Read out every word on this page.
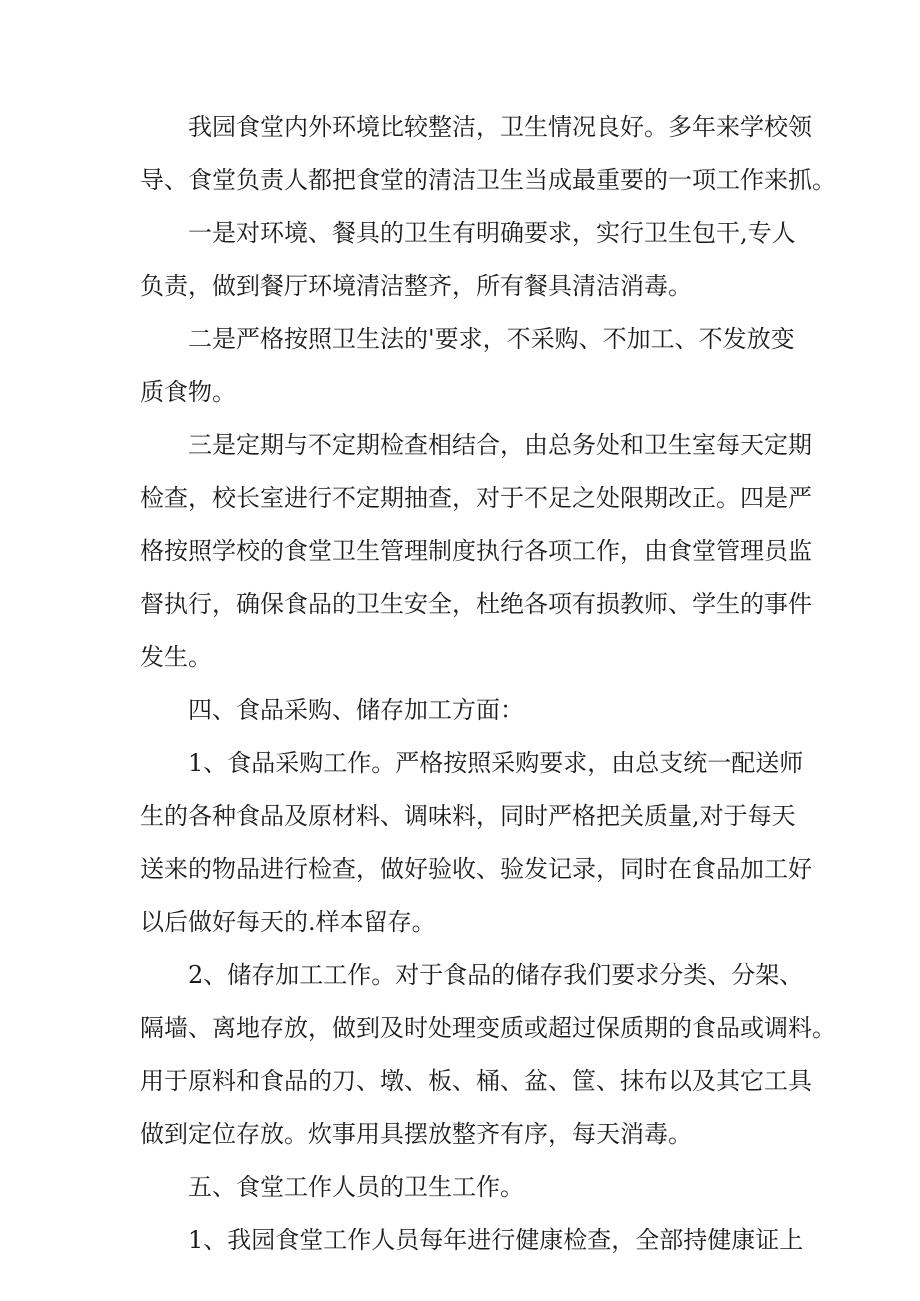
我园食堂内外环境比较整洁，卫生情况良好。多年来学校领
导、食堂负责人都把食堂的清洁卫生当成最重要的一项工作来抓。
一是对环境、餐具的卫生有明确要求，实行卫生包干,专人
负责，做到餐厅环境清洁整齐，所有餐具清洁消毒。
二是严格按照卫生法的'要求，不采购、不加工、不发放变
质食物。
三是定期与不定期检查相结合，由总务处和卫生室每天定期
检查，校长室进行不定期抽查，对于不足之处限期改正。四是严
格按照学校的食堂卫生管理制度执行各项工作，由食堂管理员监
督执行，确保食品的卫生安全，杜绝各项有损教师、学生的事件
发生。
四、食品采购、储存加工方面：
1、食品采购工作。严格按照采购要求，由总支统一配送师
生的各种食品及原材料、调味料，同时严格把关质量,对于每天
送来的物品进行检查，做好验收、验发记录，同时在食品加工好
以后做好每天的.样本留存。
2、储存加工工作。对于食品的储存我们要求分类、分架、
隔墙、离地存放，做到及时处理变质或超过保质期的食品或调料。
用于原料和食品的刀、墩、板、桶、盆、筐、抹布以及其它工具
做到定位存放。炊事用具摆放整齐有序，每天消毒。
五、食堂工作人员的卫生工作。
1、我园食堂工作人员每年进行健康检查，全部持健康证上
